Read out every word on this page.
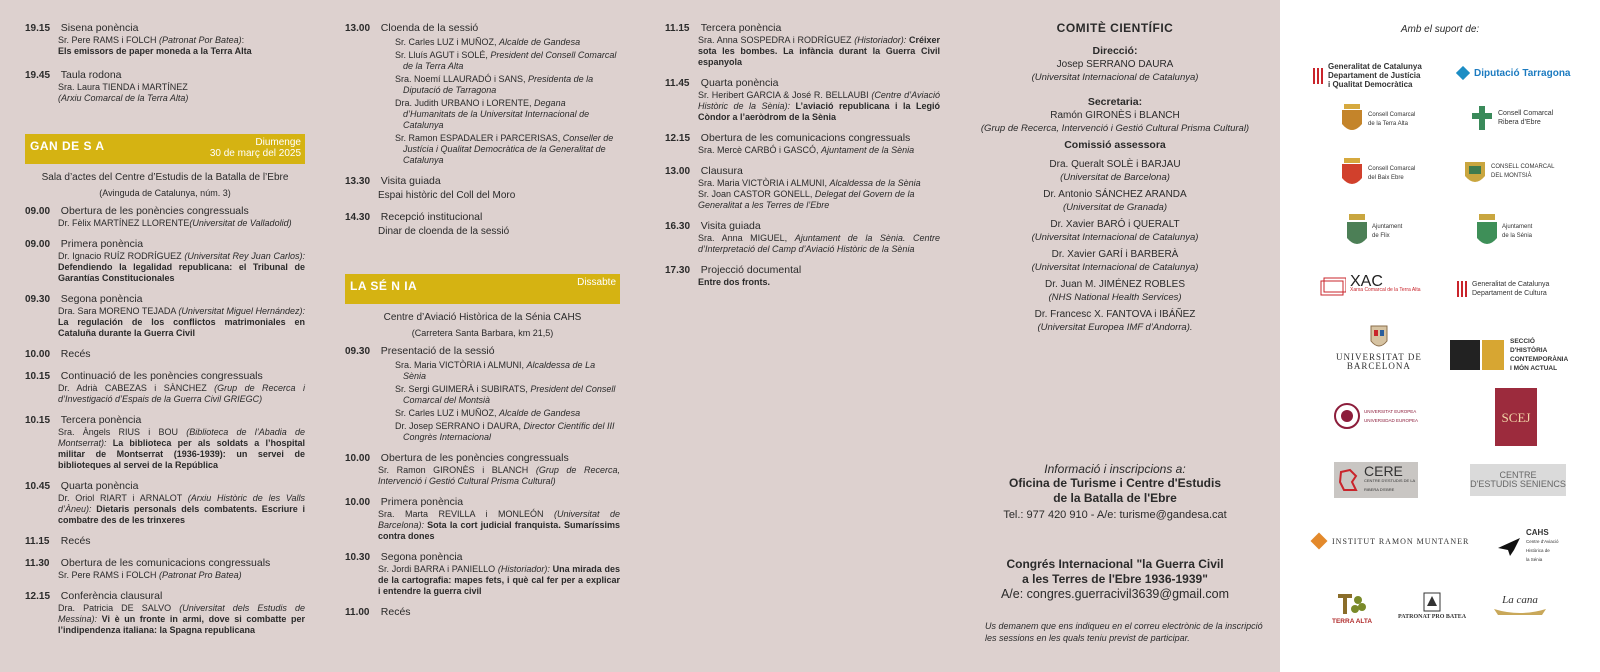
19.15 Sisena ponència
Sr. Pere RAMS i FOLCH (Patronat Por Batea):
Els emissors de paper moneda a la Terra Alta
19.45 Taula rodona
Sra. Laura TIENDA i MARTÍNEZ
(Arxiu Comarcal de la Terra Alta)
GAN DE S A	Diumenge
30 de març del 2025
Sala d’actes del Centre d’Estudis de la Batalla de l’Ebre
(Avinguda de Catalunya, núm. 3)
09.00 Obertura de les ponències congressuals
Dr. Fèlix MARTÍNEZ LLORENTE(Universitat de Valladolid)
09.00 Primera ponència
Dr. Ignacio RUÍZ RODRÍGUEZ (Universitat Rey Juan Carlos): Defendiendo la legalidad republicana: el Tribunal de Garantías Constitucionales
09.30 Segona ponència
Dra. Sara MORENO TEJADA (Universitat Miguel Hernández): La regulación de los conflictos matrimoniales en Cataluña durante la Guerra Civil
10.00 Recés
10.15 Continuació de les ponències congressuals
Dr. Adrià CABEZAS i SÀNCHEZ (Grup de Recerca i d’Investigació d’Espais de la Guerra Civil GRIEGC)
10.15 Tercera ponència
Sra. Àngels RIUS i BOU (Biblioteca de l’Abadia de Montserrat): La biblioteca per als soldats a l’hospital militar de Montserrat (1936-1939): un servei de biblioteques al servei de la República
10.45 Quarta ponència
Dr. Oriol RIART i ARNALOT (Arxiu Històric de les Valls d’Àneu): Dietaris personals dels combatents. Escriure i combatre des de les trinxeres
11.15 Recés
11.30 Obertura de les comunicacions congressuals
Sr. Pere RAMS i FOLCH (Patronat Pro Batea)
12.15 Conferència clausural
Dra. Patricia DE SALVO (Universitat dels Estudis de Messina): Vi è un fronte in armi, dove si combatte per l’indipendenza italiana: la Spagna republicana
13.00 Cloenda de la sessió
Sr. Carles LUZ i MUÑOZ, Alcalde de Gandesa
Sr. Lluís AGUT i SOLÉ, President del Consell Comarcal de la Terra Alta
Sra. Noemí LLAURADÓ i SANS, Presidenta de la Diputació de Tarragona
Dra. Judith URBANO i LORENTE, Degana d’Humanitats de la Universitat Internacional de Catalunya
Sr. Ramon ESPADALER i PARCERISAS, Conseller de Justícia i Qualitat Democràtica de la Generalitat de Catalunya
13.30 Visita guiada
Espai històric del Coll del Moro
14.30 Recepció institucional
Dinar de cloenda de la sessió
LA SÉ N IA	Dissabte
Centre d’Aviació Històrica de la Sénia CAHS
(Carretera Santa Barbara, km 21,5)
09.30 Presentació de la sessió
Sra. Maria VICTÒRIA i ALMUNI, Alcaldessa de La Sènia
Sr. Sergi GUIMERÀ i SUBIRATS, President del Consell Comarcal del Montsià
Sr. Carles LUZ i MUÑOZ, Alcalde de Gandesa
Dr. Josep SERRANO i DAURA, Director Científic del III Congrès Internacional
10.00 Obertura de les ponències congressuals
Sr. Ramon GIRONÈS i BLANCH (Grup de Recerca, Intervenció i Gestió Cultural Prisma Cultural)
10.00 Primera ponència
Sra. Marta REVILLA i MONLEÓN (Universitat de Barcelona): Sota la cort judicial franquista. Sumaríssims contra dones
10.30 Segona ponència
Sr. Jordi BARRA i PANIELLO (Historiador): Una mirada des de la cartografia: mapes fets, i què cal fer per a explicar i entendre la guerra civil
11.00 Recés
11.15 Tercera ponència
Sra. Anna SOSPEDRA i RODRÍGUEZ (Historiador): Créixer sota les bombes. La infància durant la Guerra Civil espanyola
11.45 Quarta ponència
Sr. Heribert GARCIA & José R. BELLAUBI (Centre d’Aviació Històric de la Sènia): L’aviació republicana i la Legió Còndor a l’aeròdrom de la Sènia
12.15 Obertura de les comunicacions congressuals
Sra. Mercè CARBÓ i GASCÓ, Ajuntament de la Sènia
13.00 Clausura
Sra. Maria VICTÒRIA i ALMUNI, Alcaldessa de la Sènia
Sr. Joan CASTOR GONELL, Delegat del Govern de la Generalitat a les Terres de l’Ebre
16.30 Visita guiada
Sra. Anna MIGUEL, Ajuntament de la Sènia. Centre d’Interpretació del Camp d’Aviació Històric de la Sènia
17.30 Projecció documental
Entre dos fronts.
COMITÈ CIENTÍFIC
Direcció:
Josep SERRANO DAURA
(Universitat Internacional de Catalunya)
Secretaria:
Ramón GIRONÈS i BLANCH
(Grup de Recerca, Intervenció i Gestió Cultural Prisma Cultural)
Comissió assessora
Dra. Queralt SOLÈ i BARJAU
(Universitat de Barcelona)
Dr. Antonio SÁNCHEZ ARANDA
(Universitat de Granada)
Dr. Xavier BARÓ i QUERALT
(Universitat Internacional de Catalunya)
Dr. Xavier GARÍ i BARBERÀ
(Universitat Internacional de Catalunya)
Dr. Juan M. JIMÉNEZ ROBLES
(NHS National Health Services)
Dr. Francesc X. FANTOVA i IBÁÑEZ
(Universitat Europea IMF d’Andorra).
Informació i inscripcions a:
Oficina de Turisme i Centre d'Estudis
de la Batalla de l'Ebre
Tel.: 977 420 910 - A/e: turisme@gandesa.cat
Congrés Internacional "la Guerra Civil
a les Terres de l'Ebre 1936-1939"
A/e: congres.guerracivil3639@gmail.com
Us demanem que ens indiqueu en el correu electrònic de la inscripció les sessions en les quals teniu previst de participar.
Amb el suport de:
Generalitat de Catalunya
Departament de Justícia
i Qualitat Democràtica
Diputació Tarragona
Consell Comarcal
de la Terra Alta
Consell Comarcal
Ribera d’Ebre
Consell Comarcal
del Baix Ebre
CONSELL COMARCAL
DEL MONTSIÀ
Ajuntament
de Flix
Ajuntament
de la Sénia
XAC
Xarxa Comarcal de la Terra Alta
Generalitat de Catalunya
Departament de Cultura
UNIVERSITAT DE
BARCELONA
SECCIÓ
D'HISTÒRIA
CONTEMPORÀNIA
I MÓN ACTUAL
UNIVERSITAT EUROPEA
UNIVERSIDAD EUROPEA	SCEJ
CERE
CENTRE D'ESTUDIS DE LA RIBERA D'EBRE
CENTRE
D'ESTUDIS SENIENCS
INSTITUT RAMON MUNTANER
CAHS
Centre d'Aviació
Històrica de
la Sénia
TERRA ALTA
PATRONAT PRO BATEA
La cana
